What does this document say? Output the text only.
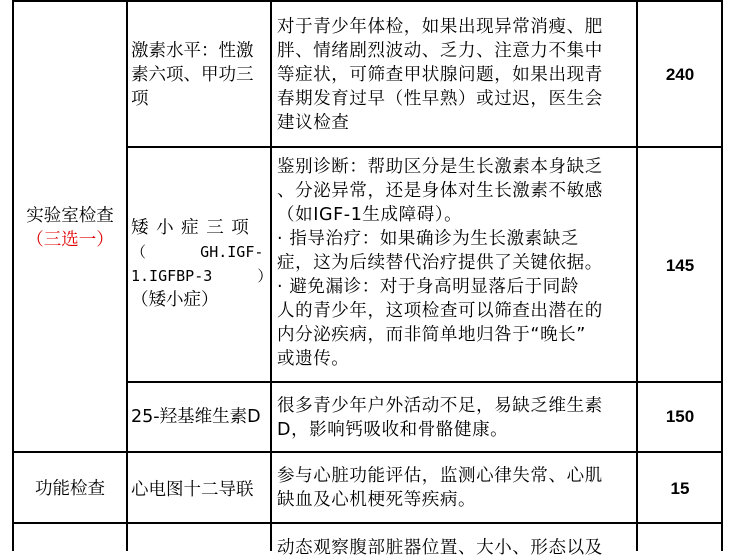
实验室检查
（三选一）
功能检查
激素水平：性激
素六项、甲功三
项
对于青少年体检，如果出现异常消瘦、肥
胖、情绪剧烈波动、乏力、注意力不集中
等症状，可筛查甲状腺问题，如果出现青
春期发育过早（性早熟）或过迟，医生会
建议检查
240
矮 小 症 三 项
（      GH.IGF-
1.IGFBP-3     ）
（矮小症）
鉴别诊断：帮助区分是生长激素本身缺乏
、分泌异常，还是身体对生长激素不敏感
（如IGF-1生成障碍）。
· 指导治疗：如果确诊为生长激素缺乏
症，这为后续替代治疗提供了关键依据。
· 避免漏诊：对于身高明显落后于同龄
人的青少年，这项检查可以筛查出潜在的
内分泌疾病，而非简单地归咎于“晚长”
或遗传。
145
25-羟基维生素D
很多青少年户外活动不足，易缺乏维生素
D，影响钙吸收和骨骼健康。
150
心电图十二导联
参与心脏功能评估，监测心律失常、心肌
缺血及心机梗死等疾病。
15
动态观察腹部脏器位置、大小、形态以及
